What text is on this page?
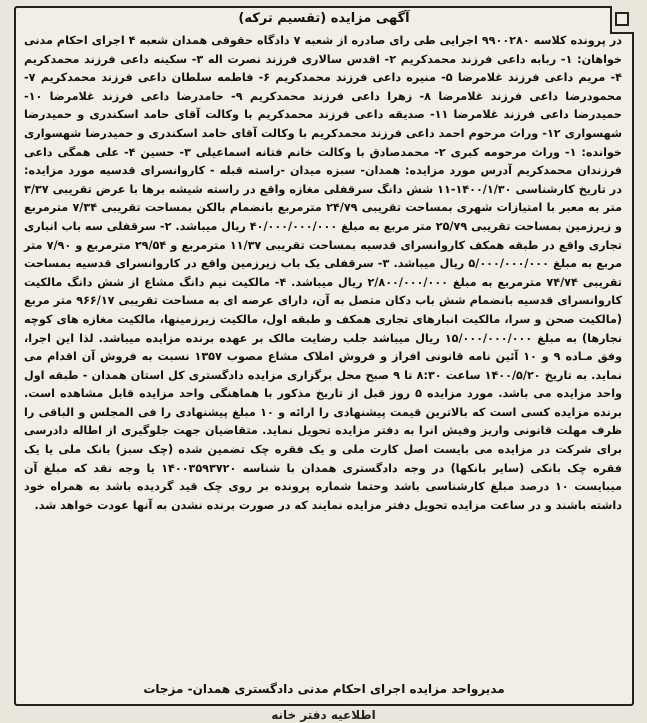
آگهی مزایده (تقسیم ترکه)

در پرونده کلاسه ۹۹۰۰۲۸۰ اجرایی طی رای صادره از شعبه ۷ دادگاه حقوقی همدان شعبه ۴ اجرای احکام مدنی خواهان: ۱- ربابه داعی فرزند محمدکریم ۲- اقدس سالاری فرزند نصرت اله ۳- سکینه داعی فرزند محمدکریم ۴- مریم داعی فرزند غلامرضا ۵- منیره داعی فرزند محمدکریم ۶- فاطمه سلطان داعی فرزند محمدکریم ۷- محمودرضا داعی فرزند غلامرضا ۸- زهرا داعی فرزند محمدکریم ۹- حامدرضا داعی فرزند غلامرضا ۱۰- حمیدرضا داعی فرزند غلامرضا ۱۱- صدیقه داعی فرزند محمدکریم با وکالت آقای حامد اسکندری و حمیدرضا شهسواری ۱۲- وراث مرحوم احمد داعی فرزند محمدکریم با وکالت آقای حامد اسکندری و حمیدرضا شهسواری خوانده: ۱- وراث مرحومه کبری ۲- محمدصادق با وکالت خانم فتانه اسماعیلی ۳- حسین ۴- علی همگی داعی فرزندان محمدکریم آدرس مورد مزایده: همدان- سبزه میدان -راسته قبله - کاروانسرای قدسیه مورد مزایده: در تاریخ کارشناسی ۱۴۰۰/۱/۳۰-۱۱ شش دانگ سرقفلی مغازه واقع در راسته شیشه برها با عرض تقریبی ۳/۳۷ متر به معبر با امتیازات شهری بمساحت تقریبی ۲۴/۷۹ مترمربع بانضمام بالکن بمساحت تقریبی ۷/۳۴ مترمربع و زیرزمین بمساحت تقریبی ۲۵/۷۹ متر مربع به مبلغ ۴۰/۰۰۰/۰۰۰/۰۰۰ ریال میباشد. ۲- سرقفلی سه باب انباری تجاری واقع در طبقه همکف کاروانسرای قدسیه بمساحت تقریبی ۱۱/۳۷ مترمربع و ۲۹/۵۴ مترمربع و ۷/۹۰ متر مربع به مبلغ ۵/۰۰۰/۰۰۰/۰۰۰ ریال میباشد. ۳- سرقفلی یک باب زیرزمین واقع در کاروانسرای قدسیه بمساحت تقریبی ۷۴/۷۴ مترمربع به مبلغ ۲/۸۰۰/۰۰۰/۰۰۰ ریال میباشد. ۴- مالکیت نیم دانگ مشاع از شش دانگ مالکیت کاروانسرای قدسیه بانضمام شش باب دکان متصل به آن، دارای عرصه ای به مساحت تقریبی ۹۶۶/۱۷ متر مربع (مالکیت صحن و سرا، مالکیت انبارهای تجاری همکف و طبقه اول، مالکیت زیرزمینها، مالکیت مغازه های کوچه نجارها) به مبلغ ۱۵/۰۰۰/۰۰۰/۰۰۰ ریال میباشد جلب رضایت مالک بر عهده برنده مزایده میباشد. لذا این اجرا، وفق مـاده ۹ و ۱۰ آئین نامه قانونی افراز و فروش املاک مشاع مصوب ۱۳۵۷ نسبت به فروش آن اقدام می نماید. به تاریخ ۱۴۰۰/۵/۲۰ ساعت ۸:۳۰ تا ۹ صبح محل برگزاری مزایده دادگستری کل استان همدان - طبقه اول واحد مزایده می باشد. مورد مزایده ۵ روز قبل از تاریخ مذکور با هماهنگی واحد مزایده قابل مشاهده است. برنده مزایده کسی است که بالاترین قیمت پیشنهادی را ارائه و ۱۰ مبلغ پیشنهادی را فی المجلس و الباقی را ظرف مهلت قانونی واریز وفیش انرا به دفتر مزایده تحویل نماید. متقاضیان جهت جلوگیری از اطاله دادرسی برای شرکت در مزایده می بایست اصل کارت ملی و یک فقره چک تضمین شده (چک سبز) بانک ملی یا یک فقره چک بانکی (سایر بانکها) در وجه دادگستری همدان با شناسه ۱۴۰۰۳۵۹۳۷۲۰ یا وجه نقد که مبلغ آن میبایست ۱۰ درصد مبلغ کارشناسی باشد وحتما شماره پرونده بر روی چک قید گردیده باشد به همراه خود داشته باشند و در ساعت مزایده تحویل دفتر مزایده نمایند که در صورت برنده نشدن به آنها عودت خواهد شد.

مدیرواحد مزایده اجرای احکام مدنی دادگستری همدان- مزجات
اطلاعیه دفتر خانه
